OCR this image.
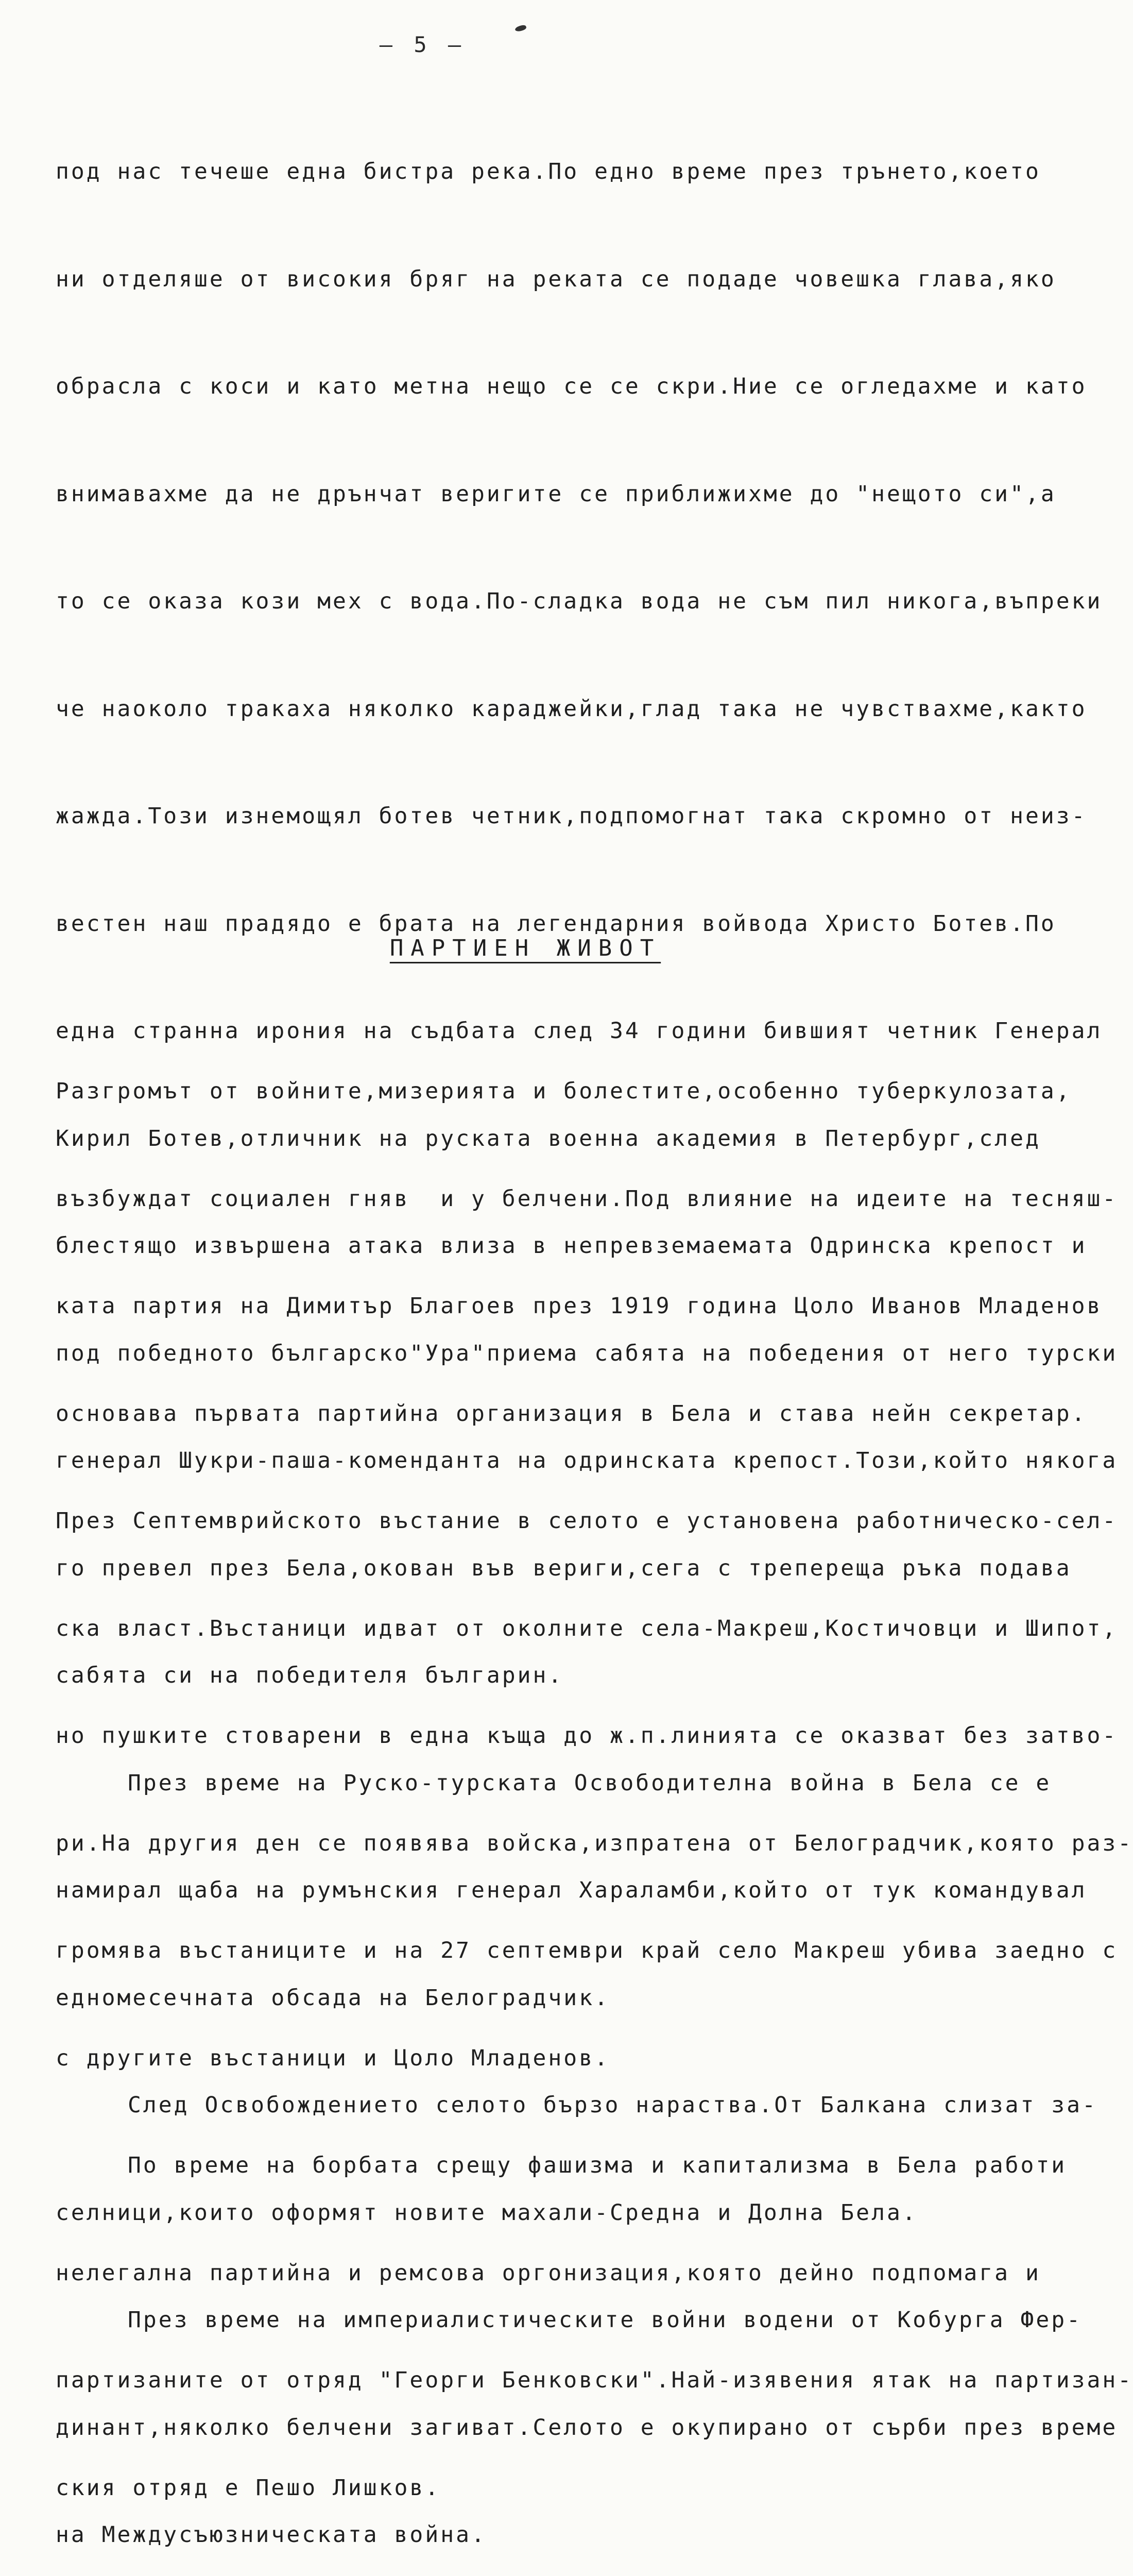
– 5 –

под нас течеше една бистра река.По едно време през трънето,което

ни отделяше от високия бряг на реката се подаде човешка глава,яко

обрасла с коси и като метна нещо се се скри.Ние се огледахме и като

внимавахме да не дрънчат веригите се приближихме до "нещото си",а

то се оказа кози мех с вода.По-сладка вода не съм пил никога,въпреки

че наоколо тракаха няколко караджейки,глад така не чувствахме,както

жажда.Този изнемощял ботев четник,подпомогнат така скромно от неиз-

вестен наш прадядо е брата на легендарния войвода Христо Ботев.По

една странна ирония на съдбата след 34 години бившият четник Генерал

Кирил Ботев,отличник на руската военна академия в Петербург,след

блестящо извършена атака влиза в непревземаемата Одринска крепост и

под победното българско"Ура"приема сабята на победения от него турски

генерал Шукри-паша-коменданта на одринската крепост.Този,който някога

го превел през Бела,окован във вериги,сега с трепереща ръка подава

сабята си на победителя българин.

През време на Руско-турската Освободителна война в Бела се е

намирал щаба на румънския генерал Хараламби,който от тук командувал

едномесечната обсада на Белоградчик.

След Освобождението селото бързо нараства.От Балкана слизат за-

селници,които оформят новите махали-Средна и Долна Бела.

През време на империалистическите войни водени от Кобурга Фер-

динант,няколко белчени загиват.Селото е окупирано от сърби през време

на Междусъюзническата война.

ПАРТИЕН ЖИВОТ

Разгромът от войните,мизерията и болестите,особенно туберкулозата,

възбуждат социален гняв  и у белчени.Под влияние на идеите на тесняш-

ката партия на Димитър Благоев през 1919 година Цоло Иванов Младенов

основава първата партийна организация в Бела и става нейн секретар.

През Септемврийското въстание в селото е установена работническо-сел-

ска власт.Въстаници идват от околните села-Макреш,Костичовци и Шипот,

но пушките стоварени в една къща до ж.п.линията се оказват без затво-

ри.На другия ден се появява войска,изпратена от Белоградчик,която раз-

громява въстаниците и на 27 септември край село Макреш убива заедно с

с другите въстаници и Цоло Младенов.

По време на борбата срещу фашизма и капитализма в Бела работи

нелегална партийна и ремсова оргонизация,която дейно подпомага и

партизаните от отряд "Георги Бенковски".Най-изявения ятак на партизан-

ския отряд е Пешо Лишков.
